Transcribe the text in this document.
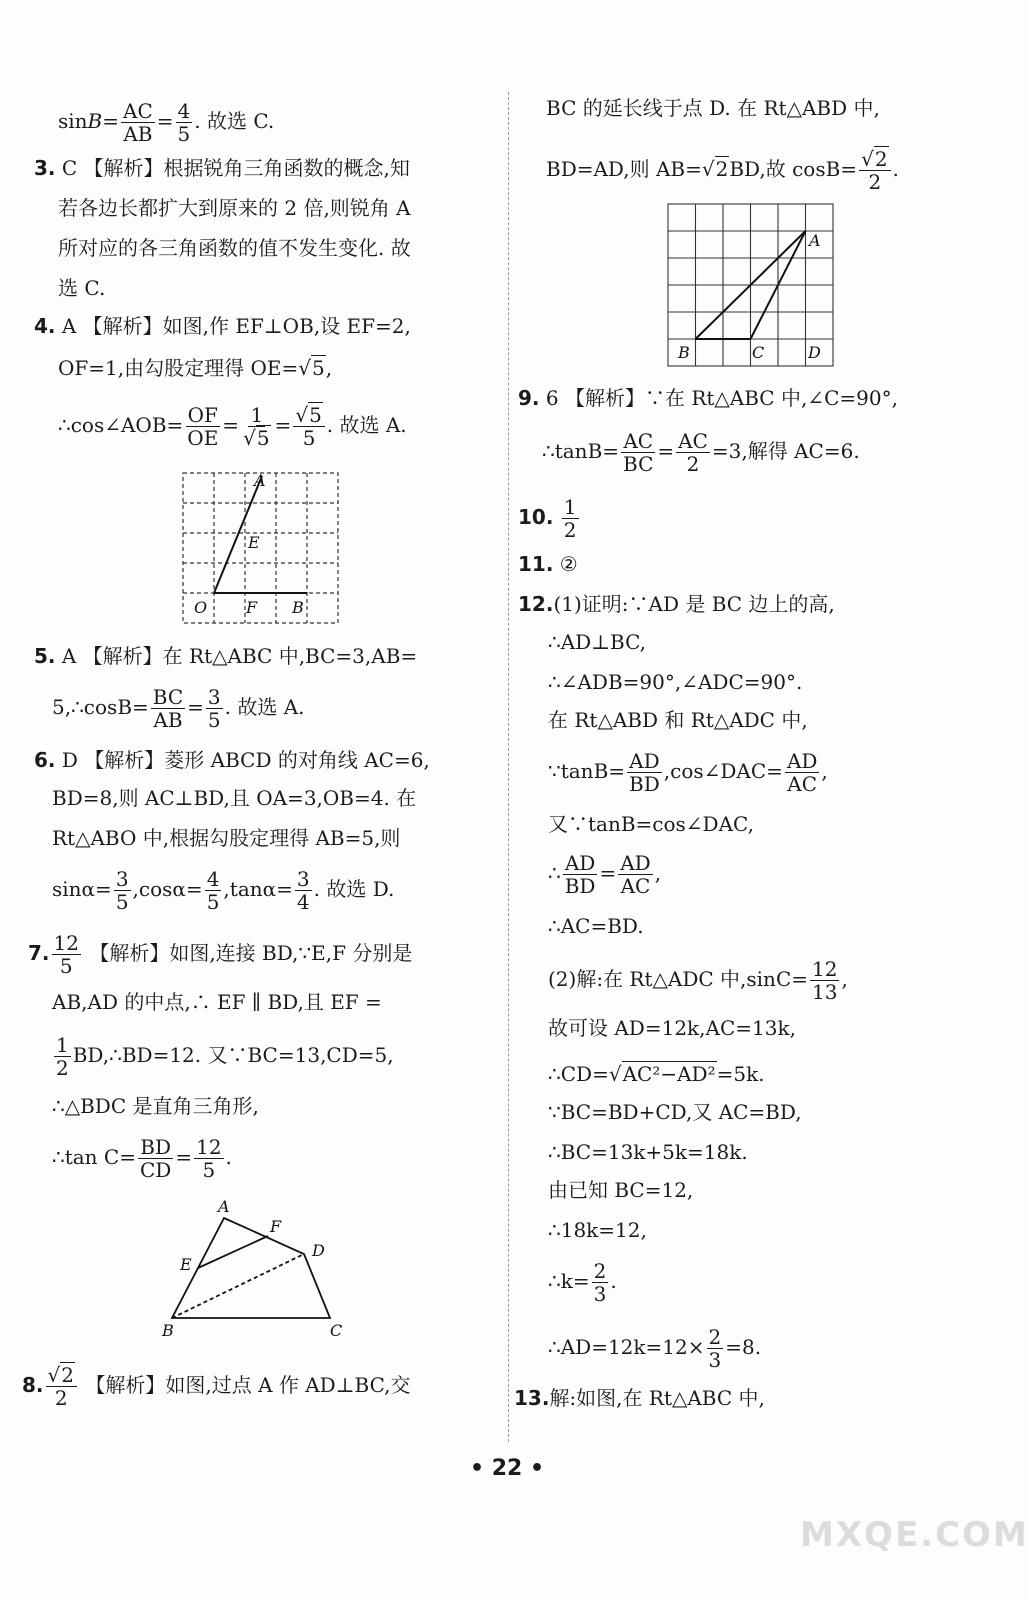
$\sin B= \frac{AC}{AB} = \frac{4}{5}$ . 故选 C.
3. C 【解析】根据锐角三角函数的概念,知
若各边长都扩大到原来的 2 倍,则锐角 A
所对应的各三角函数的值不发生变化. 故
选 C.
4. A 【解析】如图,作 EF⊥OB,设 EF=2,
OF=1,由勾股定理得 OE=√5,
∴cos∠AOB= $\frac{OF}{OE} = \frac{1}{√5} = \frac{√5}{5}$ . 故选 A.
A
E
O F B
5. A 【解析】在 Rt△ABC 中,BC=3,AB=
5,∴cosB= $\frac{BC}{AB} = \frac{3}{5}$ . 故选 A.
6. D 【解析】菱形 ABCD 的对角线 AC=6,
BD=8,则 AC⊥BD,且 OA=3,OB=4. 在
Rt△ABO 中,根据勾股定理得 AB=5,则
$\sin\alpha= \frac{3}{5} ,\cos\alpha= \frac{4}{5} ,\tan\alpha= \frac{3}{4}$ . 故选 D.
7. $\frac{12}{5}$ 【解析】如图,连接 BD,∵E,F 分别是
AB,AD 的中点,∴ EF ∥ BD,且 EF =
$\frac{1}{2}$ BD,∴BD=12. 又∵BC=13,CD=5,
∴△BDC 是直角三角形,
∴tan $C= \frac{BD}{CD} = \frac{12}{5}$ .
A
F
E
D
B	C
8. $\frac{√2}{2}$ 【解析】如图,过点 A 作 AD⊥BC,交
BC 的延长线于点 D. 在 Rt△ABD 中,
BD=AD,则 AB=√2BD,故 $\cos B= \frac{√2}{2}$ .
A
B	C	D
9. 6 【解析】∵在 Rt△ABC 中,∠C=90°,
∴tanB= $\frac{AC}{BC} = \frac{AC}{2} =3$,解得 AC=6.
10. $\frac{1}{2}$
11. ②
12.(1)证明:∵AD 是 BC 边上的高,
∴AD⊥BC,
∴∠ADB=90°,∠ADC=90°.
在 Rt△ABD 和 Rt△ADC 中,
∵tanB= $\frac{AD}{BD}$ ,cos∠DAC= $\frac{AD}{AC}$ ,
又∵tanB=cos∠DAC,
∴ $\frac{AD}{BD} = \frac{AD}{AC}$ ,
∴AC=BD.
(2)解:在 Rt△ADC 中$,\sin C= \frac{12}{13}$ ,
故可设 AD=12k,AC=13k,
∴CD=√AC²−AD²=5k.
∵BC=BD+CD,又 AC=BD,
∴BC=13k+5k=18k.
由已知 BC=12,
∴18k=12,
∴k= $\frac{2}{3}$ .
∴AD=12k=12× $\frac{2}{3} =8$.
13.解:如图,在 Rt△ABC 中,
• 22 •
MXQE.COM
